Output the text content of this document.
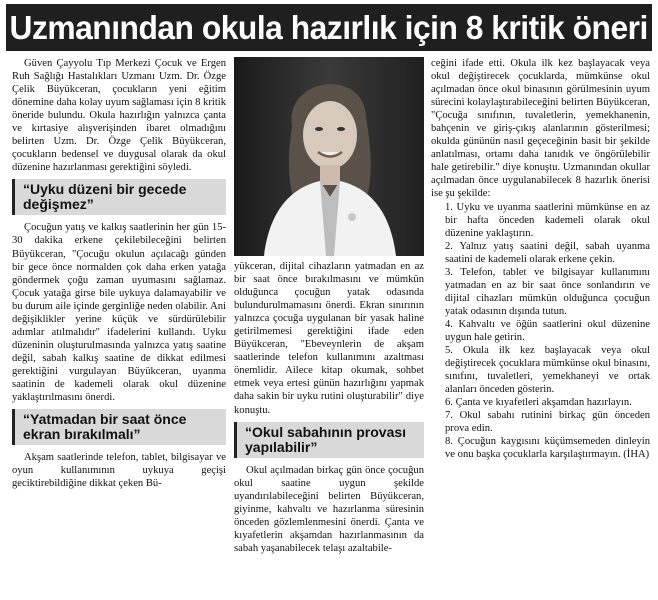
Uzmanından okula hazırlık için 8 kritik öneri

Güven Çayyolu Tıp Merkezi Çocuk ve Ergen Ruh Sağlığı Hastalıkları Uzmanı Uzm. Dr. Özge Çelik Büyükceran, çocukların yeni eğitim dönemine daha kolay uyum sağlaması için 8 kritik öneride bulundu. Okula hazırlığın yalnızca çanta ve kırtasiye alışverişinden ibaret olmadığını belirten Uzm. Dr. Özge Çelik Büyükceran, çocukların bedensel ve duygusal olarak da okul düzenine hazırlanması gerektiğini söyledi.

“Uyku düzeni bir gecede değişmez”

Çocuğun yatış ve kalkış saatlerinin her gün 15-30 dakika erkene çekilebileceğini belirten Büyükceran, "Çocuğu okulun açılacağı günden bir gece önce normalden çok daha erken yatağa göndermek çoğu zaman uyumasını sağlamaz. Çocuk yatağa girse bile uykuya dalamayabilir ve bu durum aile içinde gerginliğe neden olabilir. Ani değişiklikler yerine küçük ve sürdürülebilir adımlar atılmalıdır" ifadelerini kullandı. Uyku düzeninin oluşturulmasında yalnızca yatış saatine değil, sabah kalkış saatine de dikkat edilmesi gerektiğini vurgulayan Büyükceran, uyanma saatinin de kademeli olarak okul düzenine yaklaştırılmasını önerdi.

“Yatmadan bir saat önce ekran bırakılmalı”

Akşam saatlerinde telefon, tablet, bilgisayar ve oyun kullanımının uykuya geçişi geciktirebildiğine dikkat çeken Bü-

yükceran, dijital cihazların yatmadan en az bir saat önce bırakılmasını ve mümkün olduğunca çocuğun yatak odasında bulundurulmamasını önerdi. Ekran sınırının yalnızca çocuğa uygulanan bir yasak haline getirilmemesi gerektiğini ifade eden Büyükceran, "Ebeveynlerin de akşam saatlerinde telefon kullanımını azaltması önemlidir. Ailece kitap okumak, sohbet etmek veya ertesi günün hazırlığını yapmak daha sakin bir uyku rutini oluşturabilir" diye konuştu.

“Okul sabahının provası yapılabilir”

Okul açılmadan birkaç gün önce çocuğun okul saatine uygun şekilde uyandırılabileceğini belirten Büyükceran, giyinme, kahvaltı ve hazırlanma süresinin önceden gözlemlenmesini önerdi. Çanta ve kıyafetlerin akşamdan hazırlanmasının da sabah yaşanabilecek telaşı azaltabile-

ceğini ifade etti. Okula ilk kez başlayacak veya okul değiştirecek çocuklarda, mümkünse okul açılmadan önce okul binasının görülmesinin uyum sürecini kolaylaştırabileceğini belirten Büyükceran, "Çocuğa sınıfının, tuvaletlerin, yemekhanenin, bahçenin ve giriş-çıkış alanlarının gösterilmesi; okulda gününün nasıl geçeceğinin basit bir şekilde anlatılması, ortamı daha tanıdık ve öngörülebilir hale getirebilir." diye konuştu. Uzmanından okullar açılmadan önce uygulanabilecek 8 hazırlık önerisi ise şu şekilde:

1. Uyku ve uyanma saatlerini mümkünse en az bir hafta önceden kademeli olarak okul düzenine yaklaştırın.

2. Yalnız yatış saatini değil, sabah uyanma saatini de kademeli olarak erkene çekin.

3. Telefon, tablet ve bilgisayar kullanımını yatmadan en az bir saat önce sonlandırın ve dijital cihazları mümkün olduğunca çocuğun yatak odasının dışında tutun.

4. Kahvaltı ve öğün saatlerini okul düzenine uygun hale getirin.

5. Okula ilk kez başlayacak veya okul değiştirecek çocuklara mümkünse okul binasını, sınıfını, tuvaletleri, yemekhaneyi ve ortak alanları önceden gösterin.

6. Çanta ve kıyafetleri akşamdan hazırlayın.

7. Okul sabahı rutinini birkaç gün önceden prova edin.

8. Çocuğun kaygısını küçümsemeden dinleyin ve onu başka çocuklarla karşılaştırmayın. (İHA)
